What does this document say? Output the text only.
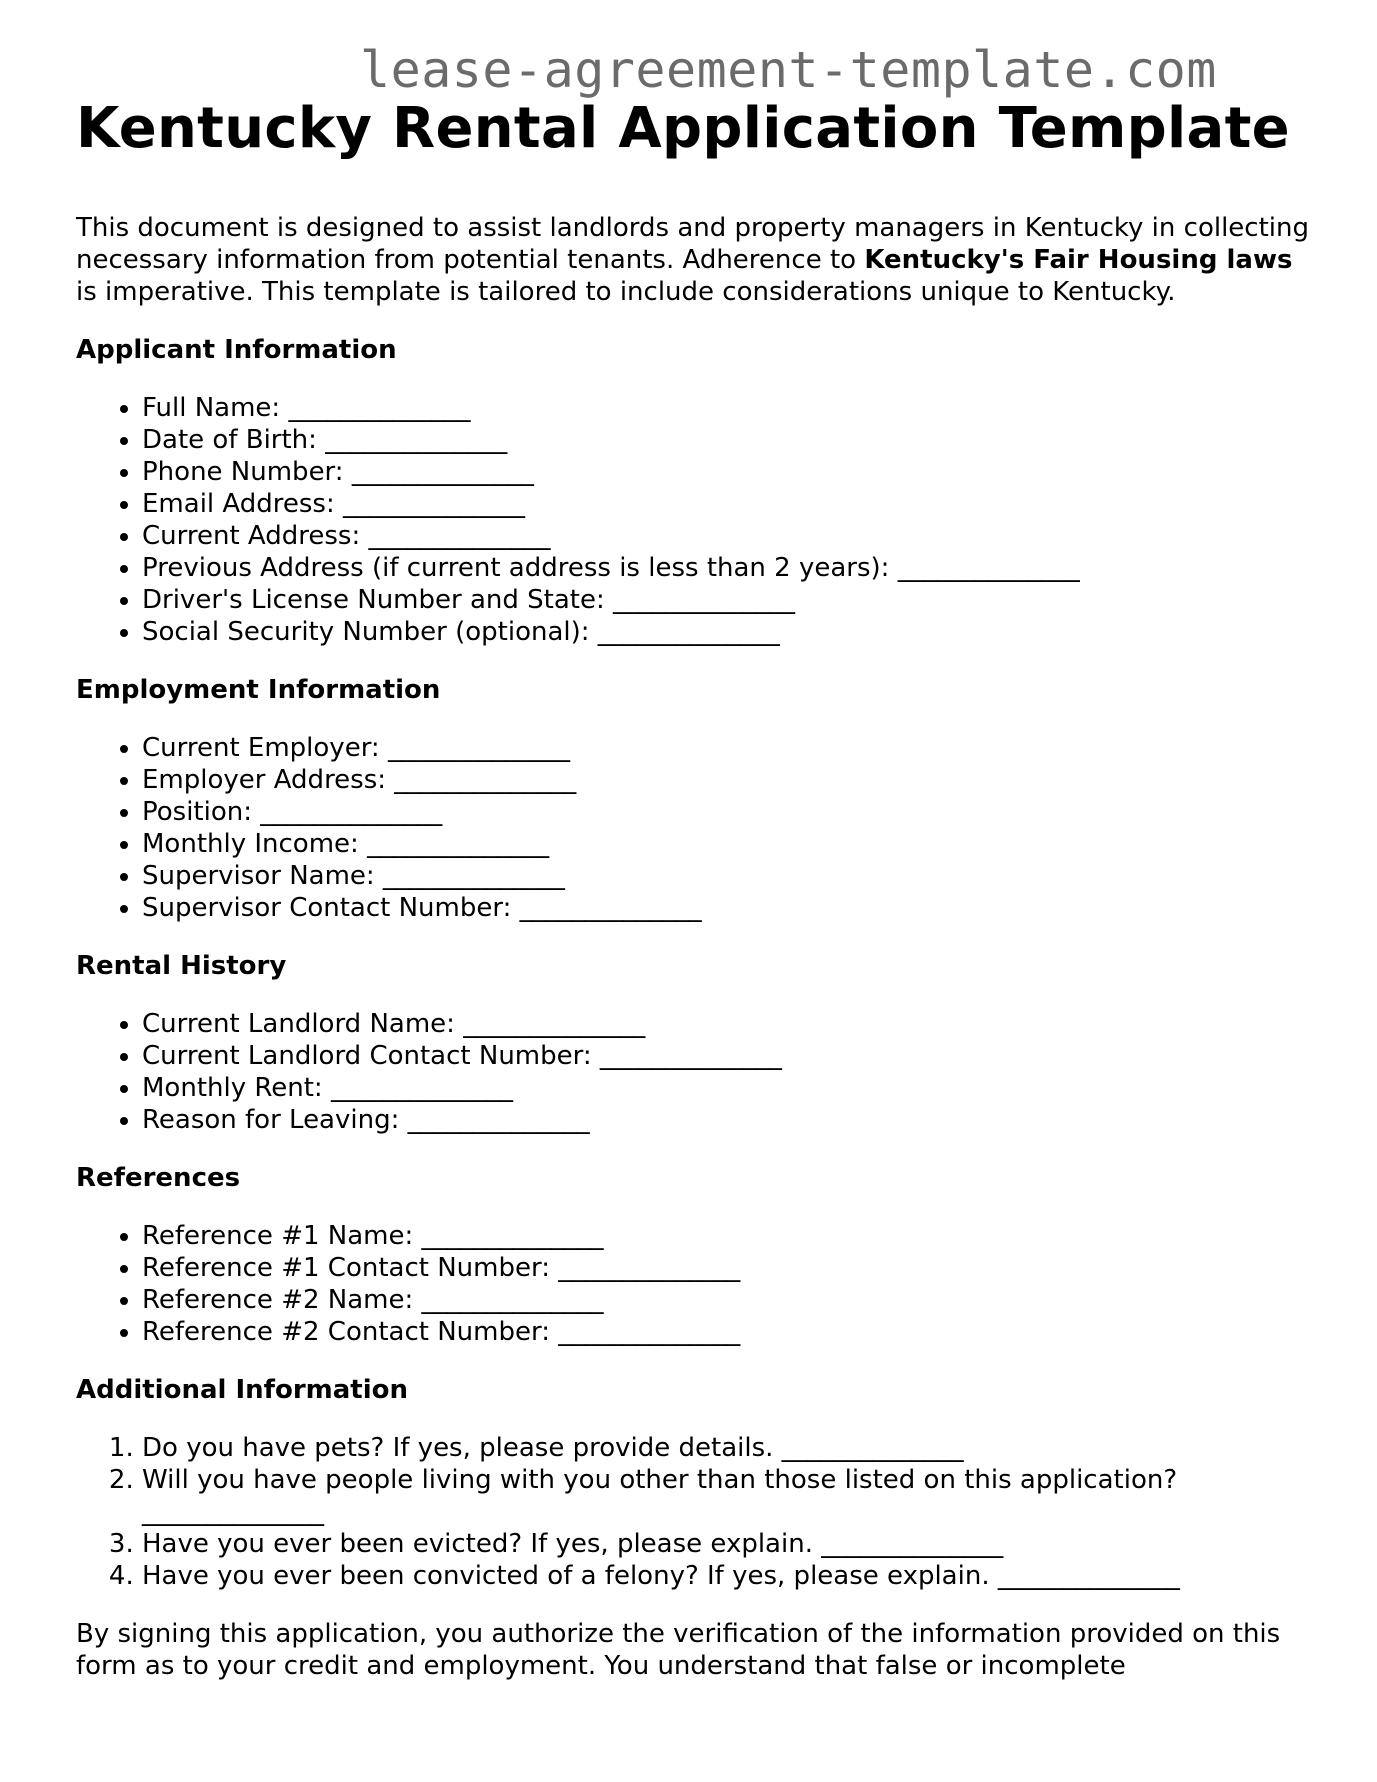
lease-agreement-template.com
Kentucky Rental Application Template

This document is designed to assist landlords and property managers in Kentucky in collecting necessary information from potential tenants. Adherence to Kentucky's Fair Housing laws is imperative. This template is tailored to include considerations unique to Kentucky.

Applicant Information
• Full Name: ______________
• Date of Birth: ______________
• Phone Number: ______________
• Email Address: ______________
• Current Address: ______________
• Previous Address (if current address is less than 2 years): ______________
• Driver's License Number and State: ______________
• Social Security Number (optional): ______________
Employment Information
• Current Employer: ______________
• Employer Address: ______________
• Position: ______________
• Monthly Income: ______________
• Supervisor Name: ______________
• Supervisor Contact Number: ______________
Rental History
• Current Landlord Name: ______________
• Current Landlord Contact Number: ______________
• Monthly Rent: ______________
• Reason for Leaving: ______________
References
• Reference #1 Name: ______________
• Reference #1 Contact Number: ______________
• Reference #2 Name: ______________
• Reference #2 Contact Number: ______________
Additional Information
1. Do you have pets? If yes, please provide details. ______________
2. Will you have people living with you other than those listed on this application?
______________
3. Have you ever been evicted? If yes, please explain. ______________
4. Have you ever been convicted of a felony? If yes, please explain. ______________

By signing this application, you authorize the verification of the information provided on this form as to your credit and employment. You understand that false or incomplete
